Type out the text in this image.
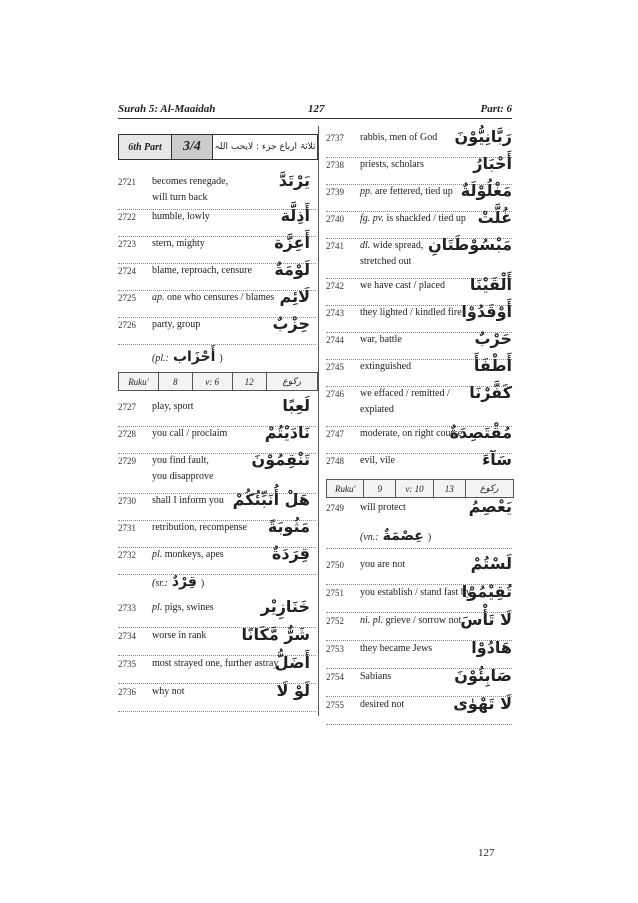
Surah 5: Al-Maaidah	127	Part: 6
6th Part	3/4	ثلاثۃ ارباع جزء : لایحب اللہ
2721 becomes renegade,
will turn back
يَرْتَدَّ
2722 humble, lowly	أَذِلَّة
2723 stern, mighty	أَعِزَّة
2724 blame, reproach, censure لَوْمَةٌ
2725 ap. one who censures / blames لَائِم
2726 party, group	حِزْبٌ
(pl.: أَحْزَاب )
Ruku'	8	v: 6	12	رکوع
2727 play, sport	لَعِبًا
2728 you call / proclaim نَادَيْتُمْ
2729 you find fault,
you disapprove
تَنْقِمُوْنَ
2730 shall I inform you هَلْ أُنَبِّئُكُمْ
2731 retribution, recompense مَثُوبَةً
2732 pl. monkeys, apes	قِرَدَةٌ
(sr.: قِرْدٌ )
2733 pl. pigs, swines	خَنَازِيْر
2734 worse in rank شَرٌّ مَّكَانًا
2735 most strayed one, further astray
أَضَلُّ
2736 why not	لَوْ لَا
2737 rabbis, men of God رَبَّانِيُّوْنَ
2738 priests, scholars	أَحْبَارُ
2739 pp. are fettered, tied up مَغْلُوْلَةٌ
2740 fg. pv. is shackled / tied up غُلَّتْ
2741 dl. wide spread,
stretched out
مَبْسُوْطَتَانِ
2742 we have cast / placed أَلْقَيْنَا
2743 they lighted / kindled fire أَوْقَدُوْا
2744 war, battle	حَرْبٌ
2745 extinguished	أَطْفَأَ
2746 we effaced / remitted /
expiated
كَفَّرْنَا
2747 moderate, on right course
مُقْتَصِدَةٌ
2748 evil, vile	سَآءَ
Ruku'	9	v: 10	13	رکوع
2749 will protect	يَعْصِمُ
(vn.: عِصْمَةٌ )
2750 you are not	لَسْتُمْ
2751 you establish / stand fast by
تُقِيْمُوْا
2752 ni. pl. grieve / sorrow not لَا تَأْسَ
2753 they became Jews هَادُوْا
2754 Sabians	صَابِئُوْنَ
2755 desired not	لَا تَهْوٰى
127
